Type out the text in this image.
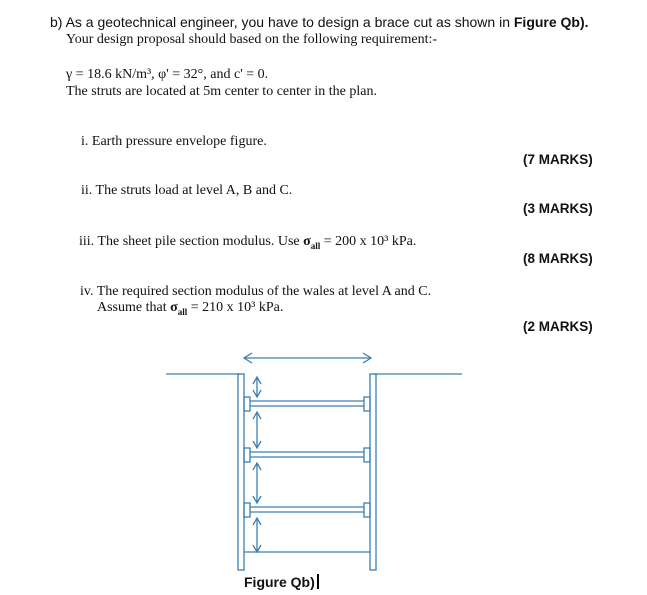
b) As a geotechnical engineer, you have to design a brace cut as shown in Figure Qb).
Your design proposal should based on the following requirement:-
γ = 18.6 kN/m³, φ' = 32°, and c' = 0.
The struts are located at 5m center to center in the plan.
i. Earth pressure envelope figure.
(7 MARKS)
ii. The struts load at level A, B and C.
(3 MARKS)
iii. The sheet pile section modulus. Use $\sigma_{all} = 200$ x 10³ kPa.
(8 MARKS)
iv. The required section modulus of the wales at level A and C.
Assume that $\sigma_{all} = 210$ x 10³ kPa.
(2 MARKS)
Figure Qb)
